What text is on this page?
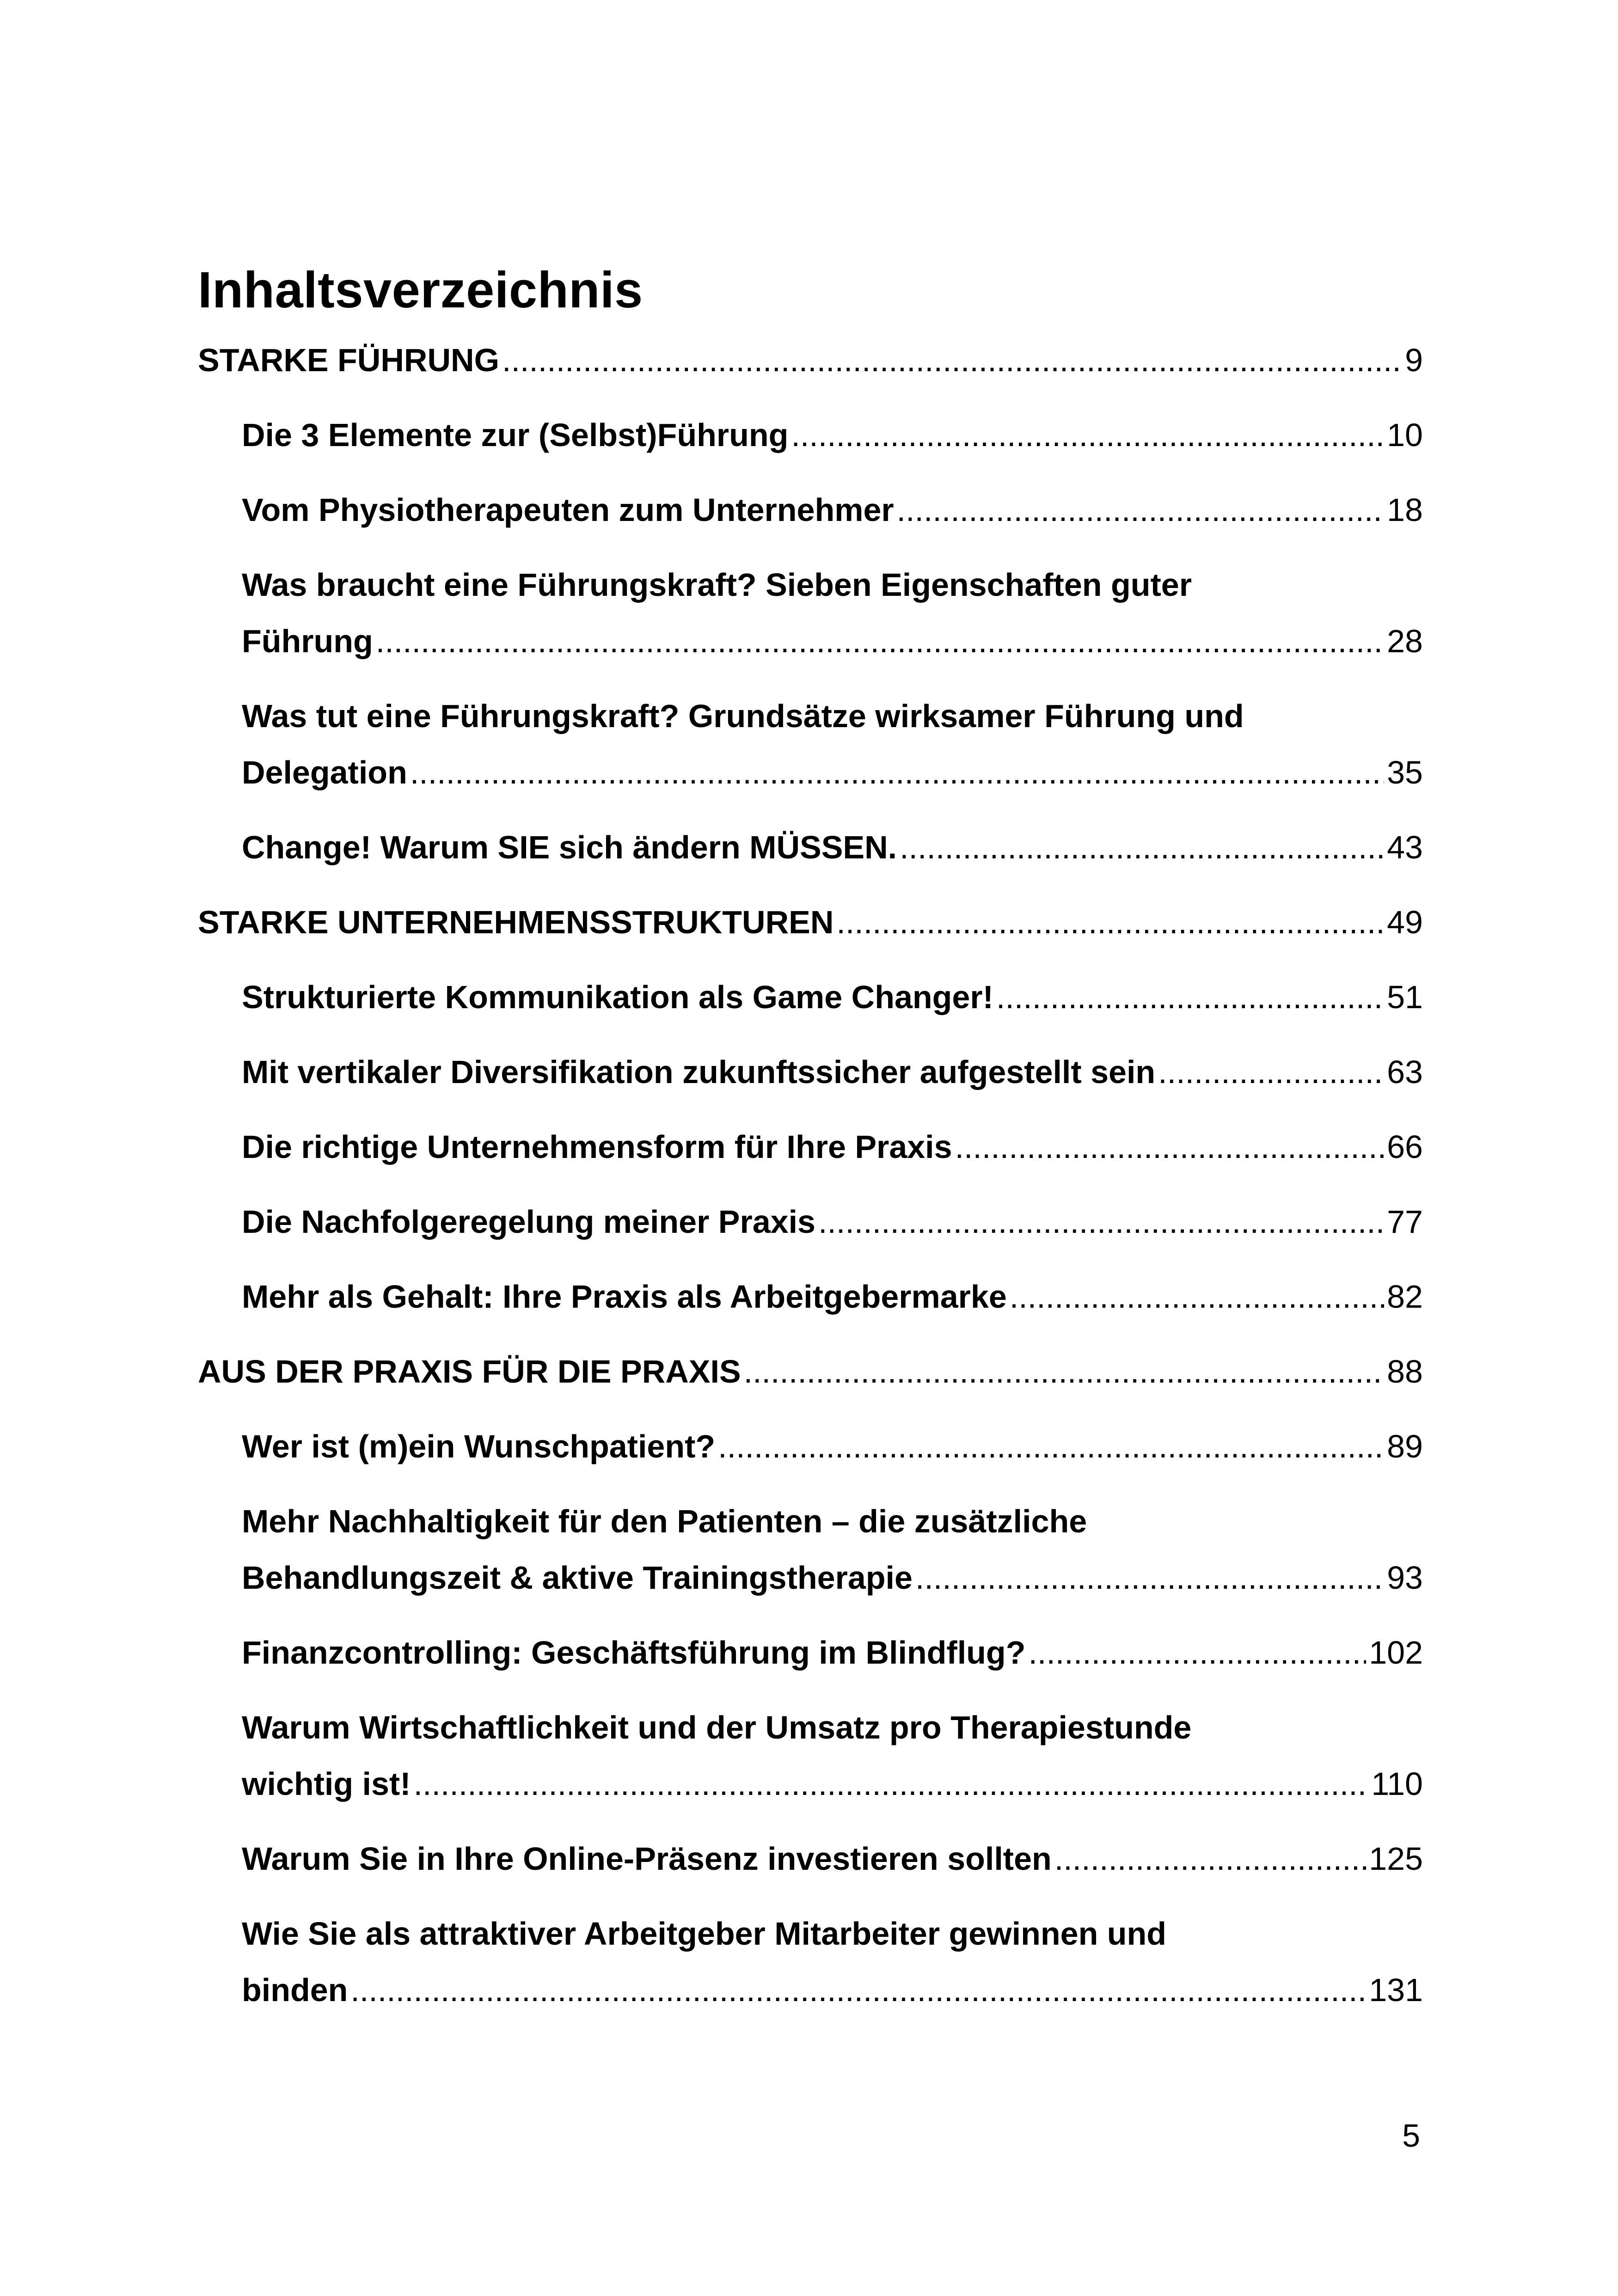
Inhaltsverzeichnis
STARKE FÜHRUNG .....	9
Die 3 Elemente zur (Selbst)Führung .....	10
Vom Physiotherapeuten zum Unternehmer .....	18
Was braucht eine Führungskraft? Sieben Eigenschaften guter
Führung .....	28
Was tut eine Führungskraft? Grundsätze wirksamer Führung und
Delegation .....	35
Change! Warum SIE sich ändern MÜSSEN. .....	43
STARKE UNTERNEHMENSSTRUKTUREN .....	49
Strukturierte Kommunikation als Game Changer! .....	51
Mit vertikaler Diversifikation zukunftssicher aufgestellt sein .....	63
Die richtige Unternehmensform für Ihre Praxis .....	66
Die Nachfolgeregelung meiner Praxis .....	77
Mehr als Gehalt: Ihre Praxis als Arbeitgebermarke .....	82
AUS DER PRAXIS FÜR DIE PRAXIS .....	88
Wer ist (m)ein Wunschpatient? .....	89
Mehr Nachhaltigkeit für den Patienten – die zusätzliche
Behandlungszeit & aktive Trainingstherapie .....	93
Finanzcontrolling: Geschäftsführung im Blindflug? .....	102
Warum Wirtschaftlichkeit und der Umsatz pro Therapiestunde
wichtig ist! .....	110
Warum Sie in Ihre Online-Präsenz investieren sollten .....	125
Wie Sie als attraktiver Arbeitgeber Mitarbeiter gewinnen und
binden .....	131
5
